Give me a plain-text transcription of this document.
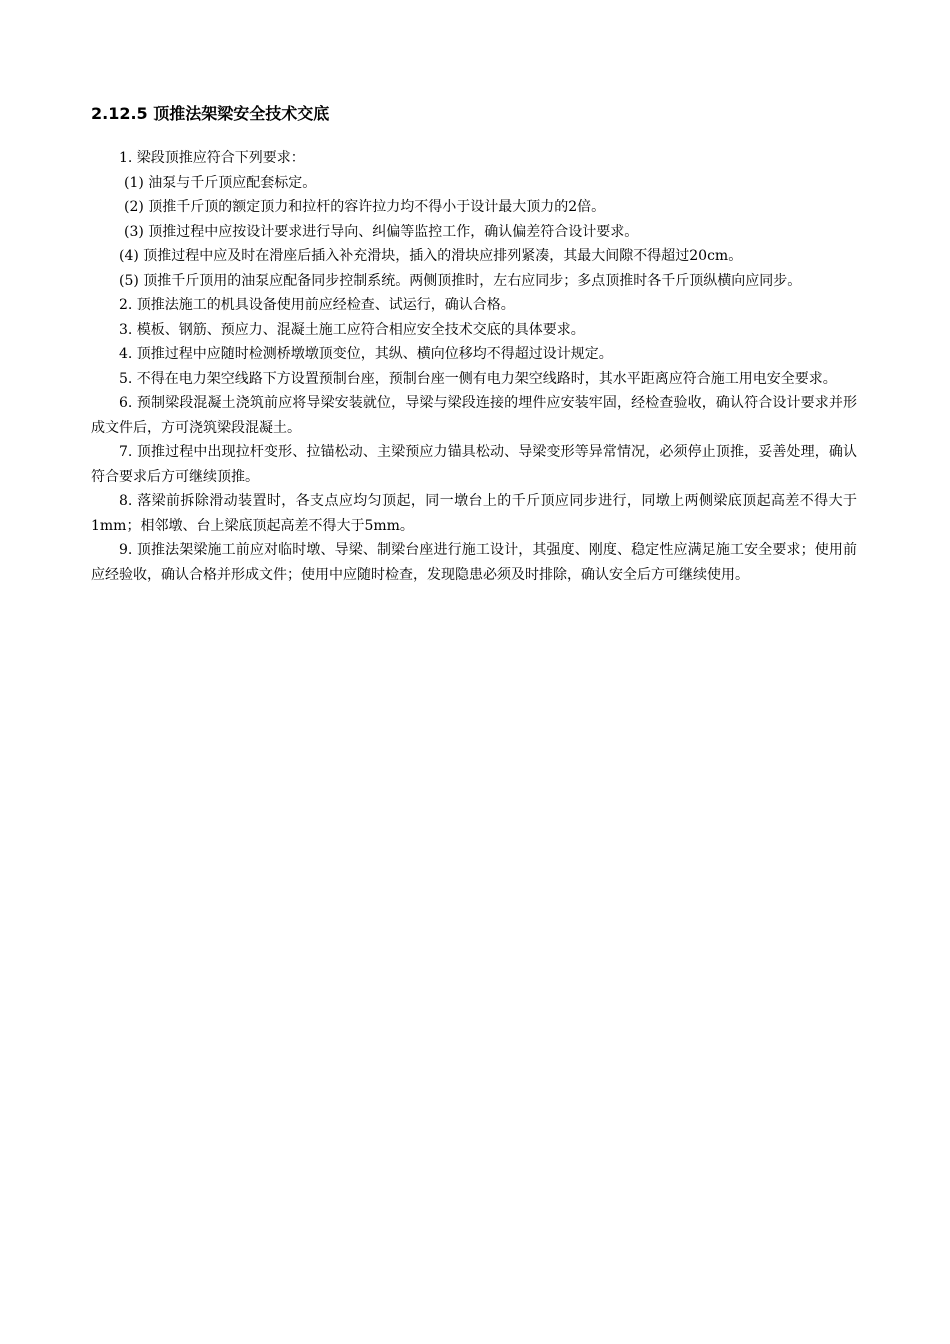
2.12.5 顶推法架梁安全技术交底

1. 梁段顶推应符合下列要求：

(1) 油泵与千斤顶应配套标定。

(2) 顶推千斤顶的额定顶力和拉杆的容许拉力均不得小于设计最大顶力的2倍。

(3) 顶推过程中应按设计要求进行导向、纠偏等监控工作，确认偏差符合设计要求。

(4) 顶推过程中应及时在滑座后插入补充滑块，插入的滑块应排列紧凑，其最大间隙不得超过20cm。

(5) 顶推千斤顶用的油泵应配备同步控制系统。两侧顶推时，左右应同步；多点顶推时各千斤顶纵横向应同步。

2. 顶推法施工的机具设备使用前应经检查、试运行，确认合格。

3. 模板、钢筋、预应力、混凝土施工应符合相应安全技术交底的具体要求。

4. 顶推过程中应随时检测桥墩墩顶变位，其纵、横向位移均不得超过设计规定。

5. 不得在电力架空线路下方设置预制台座，预制台座一侧有电力架空线路时，其水平距离应符合施工用电安全要求。

6. 预制梁段混凝土浇筑前应将导梁安装就位，导梁与梁段连接的埋件应安装牢固，经检查验收，确认符合设计要求并形成文件后，方可浇筑梁段混凝土。

7. 顶推过程中出现拉杆变形、拉锚松动、主梁预应力锚具松动、导梁变形等异常情况，必须停止顶推，妥善处理，确认符合要求后方可继续顶推。

8. 落梁前拆除滑动装置时，各支点应均匀顶起，同一墩台上的千斤顶应同步进行，同墩上两侧梁底顶起高差不得大于1mm；相邻墩、台上梁底顶起高差不得大于5mm。

9. 顶推法架梁施工前应对临时墩、导梁、制梁台座进行施工设计，其强度、刚度、稳定性应满足施工安全要求；使用前应经验收，确认合格并形成文件；使用中应随时检查，发现隐患必须及时排除，确认安全后方可继续使用。
